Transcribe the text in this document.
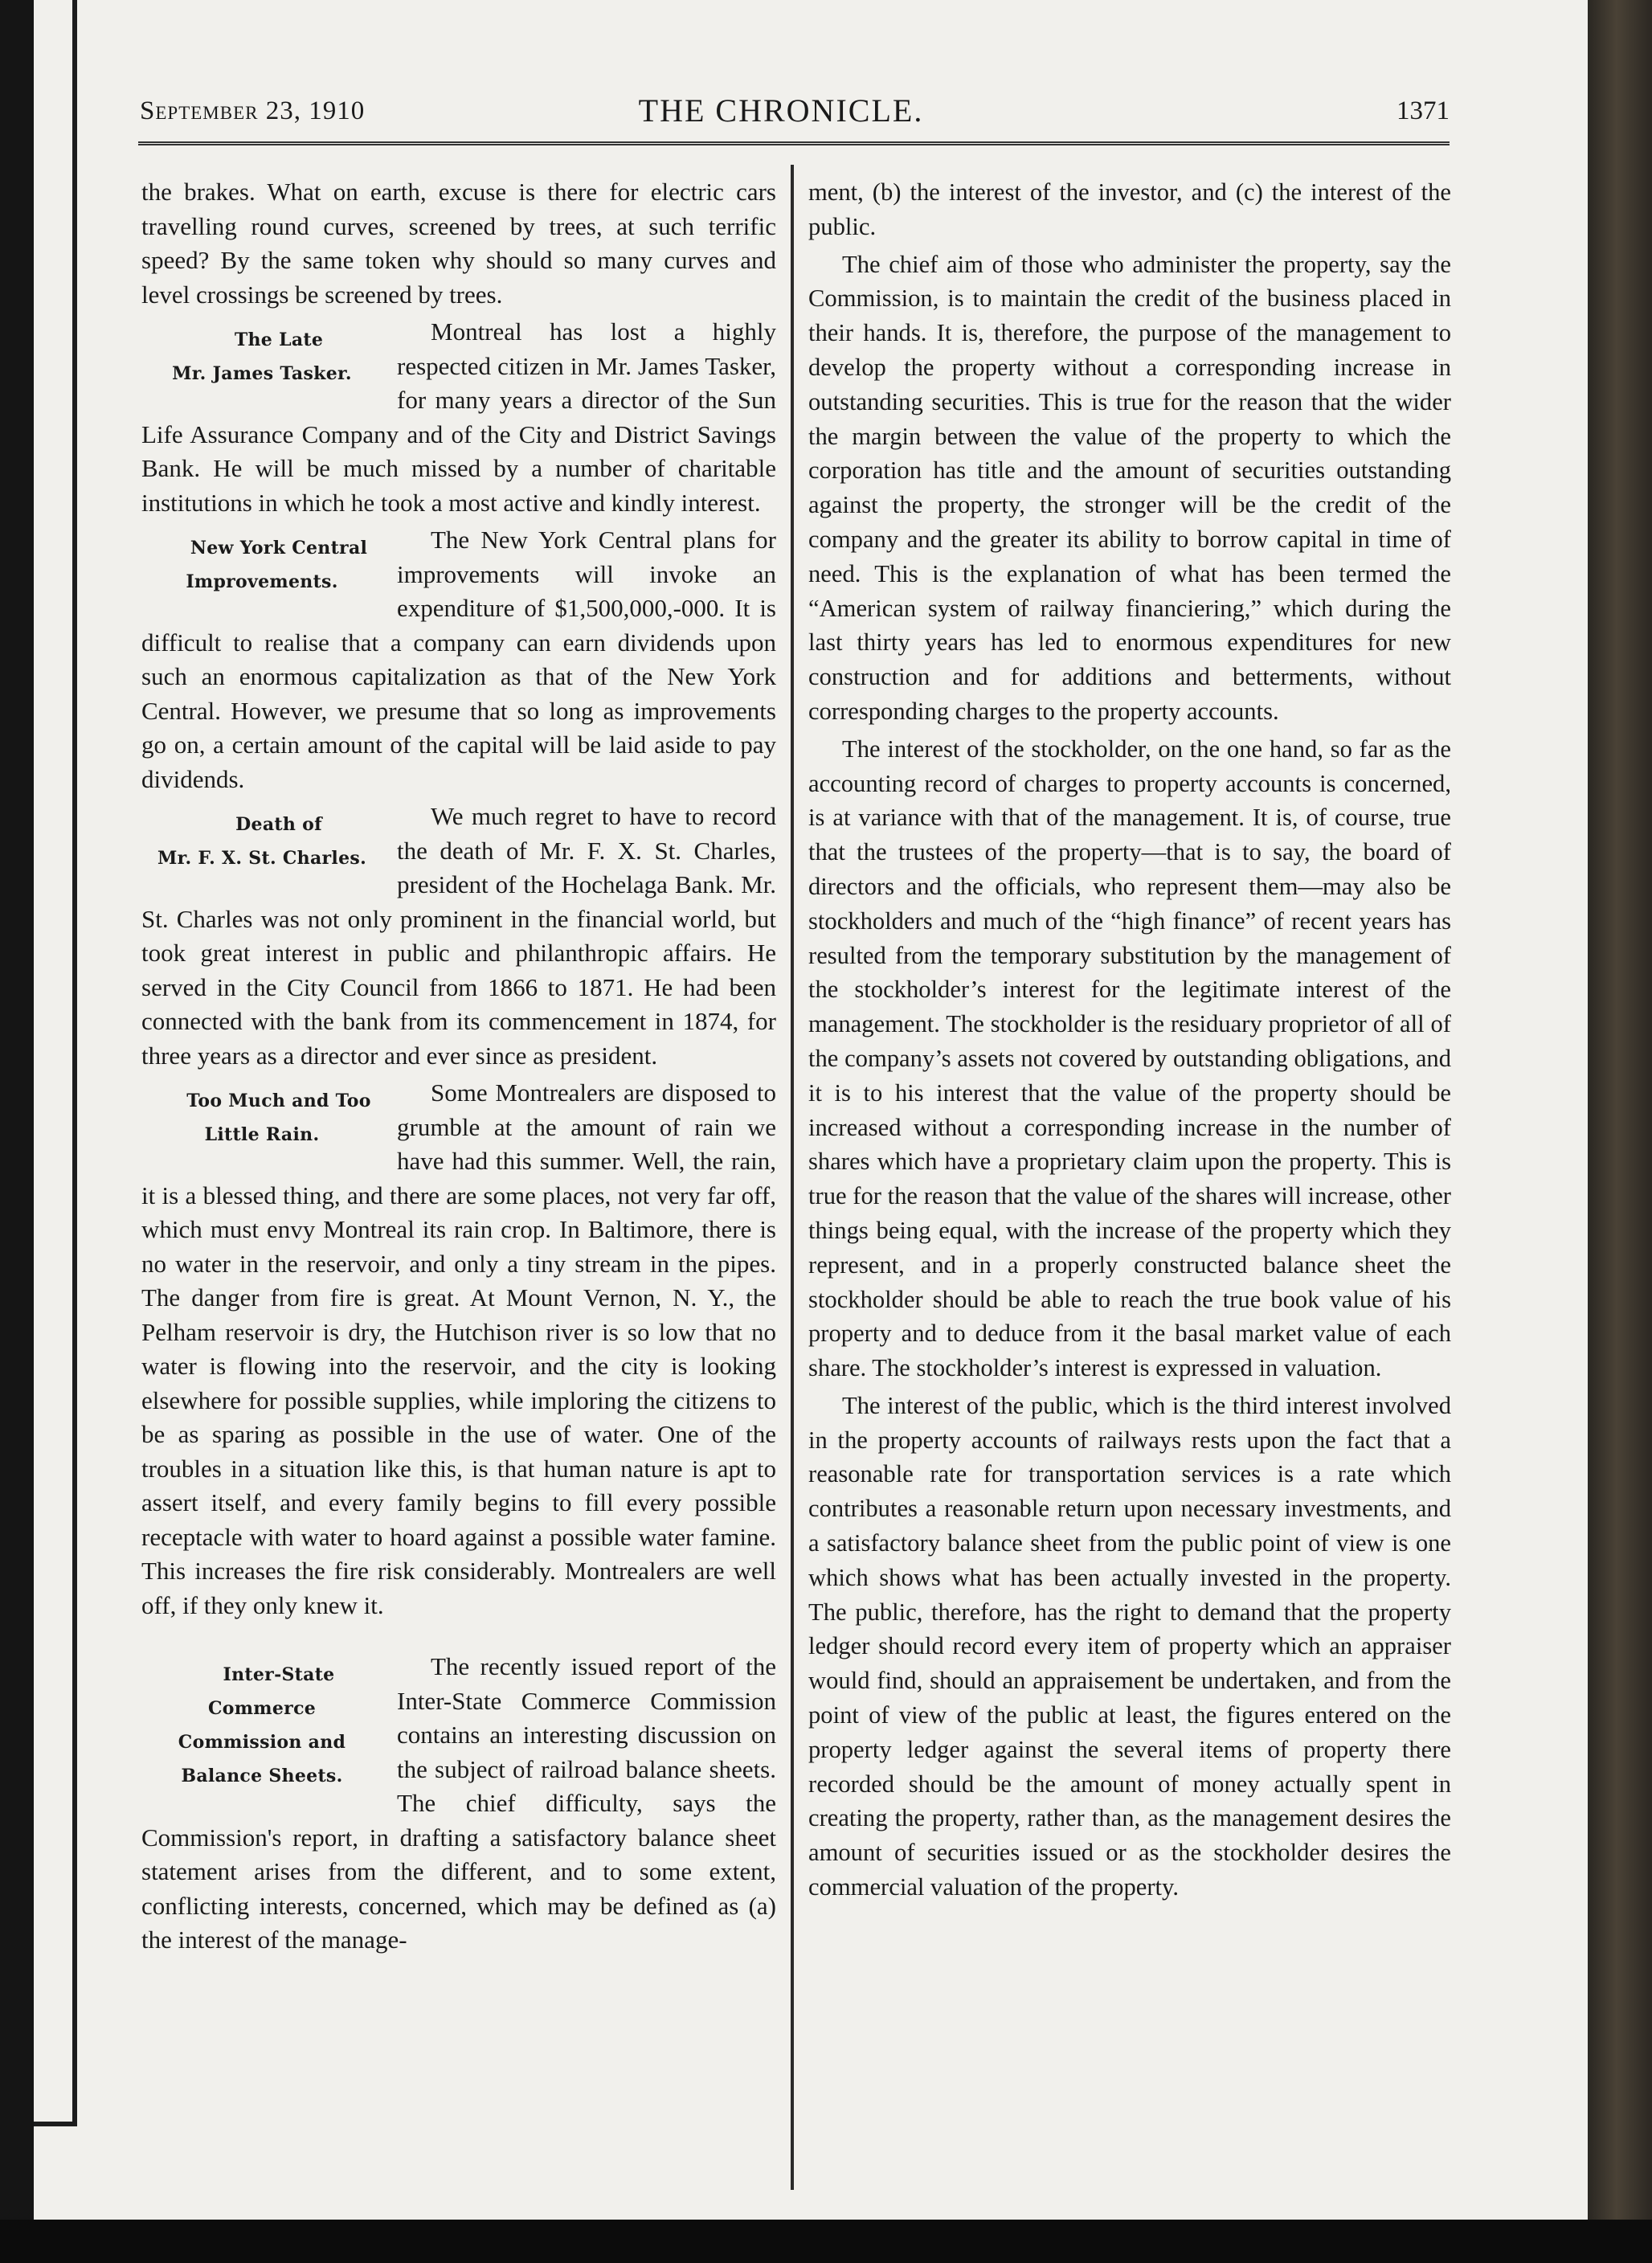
September 23, 1910	THE CHRONICLE.	1371

the brakes. What on earth, excuse is there for electric cars travelling round curves, screened by trees, at such terrific speed? By the same token why should so many curves and level crossings be screened by trees.

The Late
Mr. James Tasker.
Montreal has lost a highly respected citizen in Mr. James Tasker, for many years a director of the Sun Life Assurance Company and of the City and District Savings Bank. He will be much missed by a number of charitable institutions in which he took a most active and kindly interest.

New York Central
Improvements.
The New York Central plans for improvements will invoke an expenditure of $1,500,000,-000. It is difficult to realise that a company can earn dividends upon such an enormous capitalization as that of the New York Central. However, we presume that so long as improvements go on, a certain amount of the capital will be laid aside to pay dividends.

Death of
Mr. F. X. St. Charles.
We much regret to have to record the death of Mr. F. X. St. Charles, president of the Hochelaga Bank. Mr. St. Charles was not only prominent in the financial world, but took great interest in public and philanthropic affairs. He served in the City Council from 1866 to 1871. He had been connected with the bank from its commencement in 1874, for three years as a director and ever since as president.

Too Much and Too
Little Rain.
Some Montrealers are disposed to grumble at the amount of rain we have had this summer. Well, the rain, it is a blessed thing, and there are some places, not very far off, which must envy Montreal its rain crop. In Baltimore, there is no water in the reservoir, and only a tiny stream in the pipes. The danger from fire is great. At Mount Vernon, N. Y., the Pelham reservoir is dry, the Hutchison river is so low that no water is flowing into the reservoir, and the city is looking elsewhere for possible supplies, while imploring the citizens to be as sparing as possible in the use of water. One of the troubles in a situation like this, is that human nature is apt to assert itself, and every family begins to fill every possible receptacle with water to hoard against a possible water famine. This increases the fire risk considerably. Montrealers are well off, if they only knew it.

Inter-State Commerce
Commission and
Balance Sheets.
The recently issued report of the Inter-State Commerce Commission contains an interesting discussion on the subject of railroad balance sheets. The chief difficulty, says the Commission's report, in drafting a satisfactory balance sheet statement arises from the different, and to some extent, conflicting interests, concerned, which may be defined as (a) the interest of the manage-

ment, (b) the interest of the investor, and (c) the interest of the public.

The chief aim of those who administer the property, say the Commission, is to maintain the credit of the business placed in their hands. It is, therefore, the purpose of the management to develop the property without a corresponding increase in outstanding securities. This is true for the reason that the wider the margin between the value of the property to which the corporation has title and the amount of securities outstanding against the property, the stronger will be the credit of the company and the greater its ability to borrow capital in time of need. This is the explanation of what has been termed the “American system of railway financiering,” which during the last thirty years has led to enormous expenditures for new construction and for additions and betterments, without corresponding charges to the property accounts.

The interest of the stockholder, on the one hand, so far as the accounting record of charges to property accounts is concerned, is at variance with that of the management. It is, of course, true that the trustees of the property—that is to say, the board of directors and the officials, who represent them—may also be stockholders and much of the “high finance” of recent years has resulted from the temporary substitution by the management of the stockholder’s interest for the legitimate interest of the management. The stockholder is the residuary proprietor of all of the company’s assets not covered by outstanding obligations, and it is to his interest that the value of the property should be increased without a corresponding increase in the number of shares which have a proprietary claim upon the property. This is true for the reason that the value of the shares will increase, other things being equal, with the increase of the property which they represent, and in a properly constructed balance sheet the stockholder should be able to reach the true book value of his property and to deduce from it the basal market value of each share. The stockholder’s interest is expressed in valuation.

The interest of the public, which is the third interest involved in the property accounts of railways rests upon the fact that a reasonable rate for transportation services is a rate which contributes a reasonable return upon necessary investments, and a satisfactory balance sheet from the public point of view is one which shows what has been actually invested in the property. The public, therefore, has the right to demand that the property ledger should record every item of property which an appraiser would find, should an appraisement be undertaken, and from the point of view of the public at least, the figures entered on the property ledger against the several items of property there recorded should be the amount of money actually spent in creating the property, rather than, as the management desires the amount of securities issued or as the stockholder desires the commercial valuation of the property.
